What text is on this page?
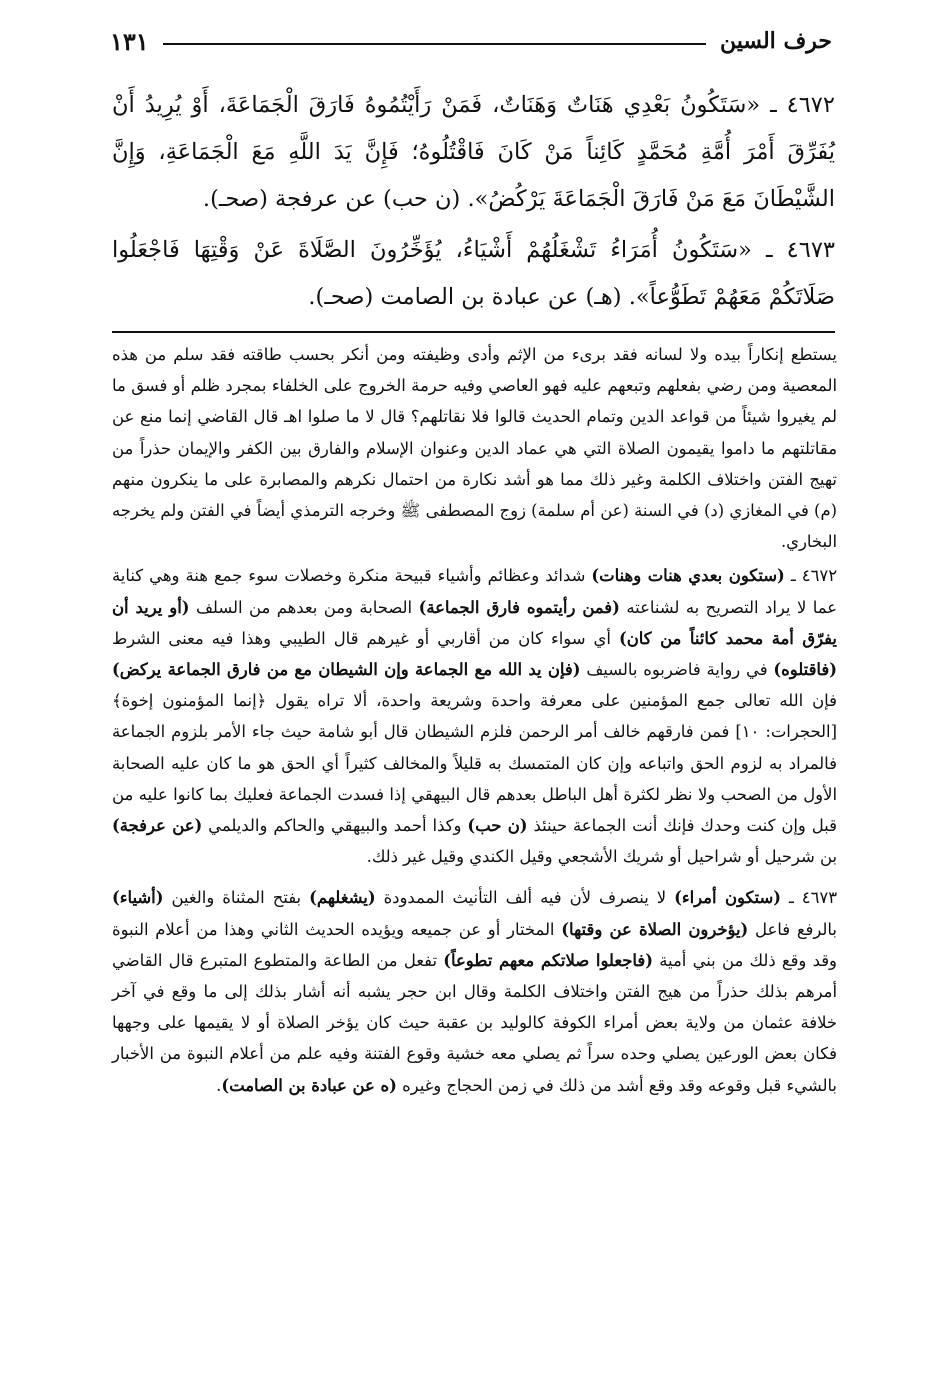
حرف السين
١٣١

٤٦٧٢ ـ «سَتَكُونُ بَعْدِي هَنَاتٌ وَهَنَاتٌ، فَمَنْ رَأَيْتُمُوهُ فَارَقَ الْجَمَاعَةَ، أَوْ يُرِيدُ أَنْ يُفَرِّقَ أَمْرَ أُمَّةِ مُحَمَّدٍ كَائِناً مَنْ كَانَ فَاقْتُلُوهُ؛ فَإِنَّ يَدَ اللَّهِ مَعَ الْجَمَاعَةِ، وَإِنَّ الشَّيْطَانَ مَعَ مَنْ فَارَقَ الْجَمَاعَةَ يَرْكُضُ». (ن حب) عن عرفجة (صحـ).

٤٦٧٣ ـ «سَتَكُونُ أُمَرَاءُ تَشْغَلُهُمْ أَشْيَاءُ، يُؤَخِّرُونَ الصَّلَاةَ عَنْ وَقْتِهَا فَاجْعَلُوا صَلَاتَكُمْ مَعَهُمْ تَطَوُّعاً». (هـ) عن عبادة بن الصامت (صحـ).

يستطع إنكاراً بيده ولا لسانه فقد برىء من الإثم وأدى وظيفته ومن أنكر بحسب طاقته فقد سلم من هذه المعصية ومن رضي بفعلهم وتبعهم عليه فهو العاصي وفيه حرمة الخروج على الخلفاء بمجرد ظلم أو فسق ما لم يغيروا شيئاً من قواعد الدين وتمام الحديث قالوا فلا نقاتلهم؟ قال لا ما صلوا اهـ قال القاضي إنما منع عن مقاتلتهم ما داموا يقيمون الصلاة التي هي عماد الدين وعنوان الإسلام والفارق بين الكفر والإيمان حذراً من تهيج الفتن واختلاف الكلمة وغير ذلك مما هو أشد نكارة من احتمال نكرهم والمصابرة على ما ينكرون منهم (م) في المغازي (د) في السنة (عن أم سلمة) زوج المصطفى ﷺ وخرجه الترمذي أيضاً في الفتن ولم يخرجه البخاري.

٤٦٧٢ ـ (ستكون بعدي هنات وهنات) شدائد وعظائم وأشياء قبيحة منكرة وخصلات سوء جمع هنة وهي كناية عما لا يراد التصريح به لشناعته (فمن رأيتموه فارق الجماعة) الصحابة ومن بعدهم من السلف (أو يريد أن يفرّق أمة محمد كائناً من كان) أي سواء كان من أقاربي أو غيرهم قال الطيبي وهذا فيه معنى الشرط (فاقتلوه) في رواية فاضربوه بالسيف (فإن يد الله مع الجماعة وإن الشيطان مع من فارق الجماعة يركض) فإن الله تعالى جمع المؤمنين على معرفة واحدة وشريعة واحدة، ألا تراه يقول ﴿إنما المؤمنون إخوة﴾ [الحجرات: ١٠] فمن فارقهم خالف أمر الرحمن فلزم الشيطان قال أبو شامة حيث جاء الأمر بلزوم الجماعة فالمراد به لزوم الحق واتباعه وإن كان المتمسك به قليلاً والمخالف كثيراً أي الحق هو ما كان عليه الصحابة الأول من الصحب ولا نظر لكثرة أهل الباطل بعدهم قال البيهقي إذا فسدت الجماعة فعليك بما كانوا عليه من قبل وإن كنت وحدك فإنك أنت الجماعة حينئذ (ن حب) وكذا أحمد والبيهقي والحاكم والديلمي (عن عرفجة) بن شرحيل أو شراحيل أو شريك الأشجعي وقيل الكندي وقيل غير ذلك.

٤٦٧٣ ـ (ستكون أمراء) لا ينصرف لأن فيه ألف التأنيث الممدودة (يشغلهم) بفتح المثناة والغين (أشياء) بالرفع فاعل (يؤخرون الصلاة عن وقتها) المختار أو عن جميعه ويؤيده الحديث الثاني وهذا من أعلام النبوة وقد وقع ذلك من بني أمية (فاجعلوا صلاتكم معهم تطوعاً) تفعل من الطاعة والمتطوع المتبرع قال القاضي أمرهم بذلك حذراً من هيج الفتن واختلاف الكلمة وقال ابن حجر يشبه أنه أشار بذلك إلى ما وقع في آخر خلافة عثمان من ولاية بعض أمراء الكوفة كالوليد بن عقبة حيث كان يؤخر الصلاة أو لا يقيمها على وجهها فكان بعض الورعين يصلي وحده سراً ثم يصلي معه خشية وقوع الفتنة وفيه علم من أعلام النبوة من الأخبار بالشيء قبل وقوعه وقد وقع أشد من ذلك في زمن الحجاج وغيره (ه عن عبادة بن الصامت).
